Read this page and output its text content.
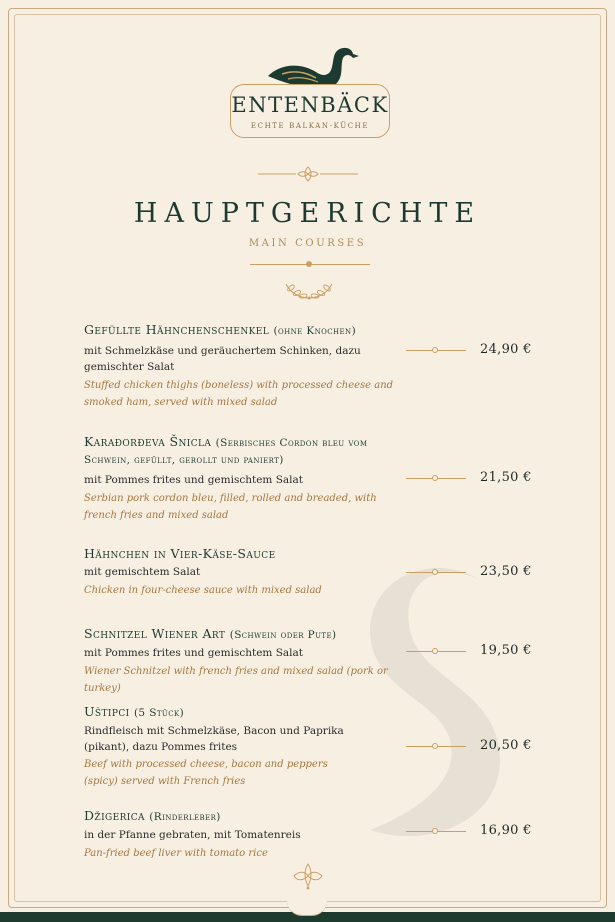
ENTENBÄCK
ECHTE BALKAN-KÜCHE
HAUPTGERICHTE
MAIN COURSES
Gefüllte Hähnchenschenkel (ohne Knochen)
mit Schmelzkäse und geräuchertem Schinken, dazu gemischter Salat
Stuffed chicken thighs (boneless) with processed cheese and smoked ham, served with mixed salad
24,90 €
Karađorđeva Šnicla (Serbisches Cordon bleu vom Schwein, gefüllt, gerollt und paniert)
mit Pommes frites und gemischtem Salat
Serbian pork cordon bleu, filled, rolled and breaded, with french fries and mixed salad
21,50 €
Hähnchen in Vier-Käse-Sauce
mit gemischtem Salat
Chicken in four-cheese sauce with mixed salad
23,50 €
Schnitzel Wiener Art (Schwein oder Pute)
mit Pommes frites und gemischtem Salat
Wiener Schnitzel with french fries and mixed salad (pork or turkey)
19,50 €
Uštipci (5 Stück)
Rindfleisch mit Schmelzkäse, Bacon und Paprika (pikant), dazu Pommes frites
Beef with processed cheese, bacon and peppers (spicy) served with French fries
20,50 €
Džigerica (Rinderleber)
in der Pfanne gebraten, mit Tomatenreis
Pan-fried beef liver with tomato rice
16,90 €
